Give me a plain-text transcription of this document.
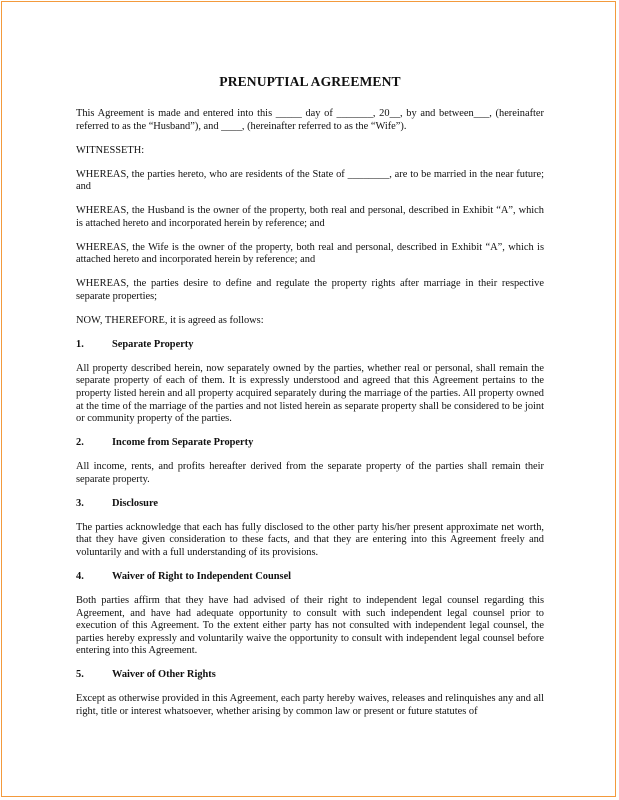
PRENUPTIAL AGREEMENT

This Agreement is made and entered into this _____ day of _______, 20__, by and between___, (hereinafter referred to as the “Husband”), and ____, (hereinafter referred to as the “Wife”).

WITNESSETH:

WHEREAS, the parties hereto, who are residents of the State of ________, are to be married in the near future; and

WHEREAS, the Husband is the owner of the property, both real and personal, described in Exhibit “A”, which is attached hereto and incorporated herein by reference; and

WHEREAS, the Wife is the owner of the property, both real and personal, described in Exhibit “A”, which is attached hereto and incorporated herein by reference; and

WHEREAS, the parties desire to define and regulate the property rights after marriage in their respective separate properties;

NOW, THEREFORE, it is agreed as follows:

1.	Separate Property

All property described herein, now separately owned by the parties, whether real or personal, shall remain the separate property of each of them. It is expressly understood and agreed that this Agreement pertains to the property listed herein and all property acquired separately during the marriage of the parties. All property owned at the time of the marriage of the parties and not listed herein as separate property shall be considered to be joint or community property of the parties.

2.	Income from Separate Property

All income, rents, and profits hereafter derived from the separate property of the parties shall remain their separate property.

3.	Disclosure

The parties acknowledge that each has fully disclosed to the other party his/her present approximate net worth, that they have given consideration to these facts, and that they are entering into this Agreement freely and voluntarily and with a full understanding of its provisions.

4.	Waiver of Right to Independent Counsel

Both parties affirm that they have had advised of their right to independent legal counsel regarding this Agreement, and have had adequate opportunity to consult with such independent legal counsel prior to execution of this Agreement. To the extent either party has not consulted with independent legal counsel, the parties hereby expressly and voluntarily waive the opportunity to consult with independent legal counsel before entering into this Agreement.

5.	Waiver of Other Rights

Except as otherwise provided in this Agreement, each party hereby waives, releases and relinquishes any and all right, title or interest whatsoever, whether arising by common law or present or future statutes of
